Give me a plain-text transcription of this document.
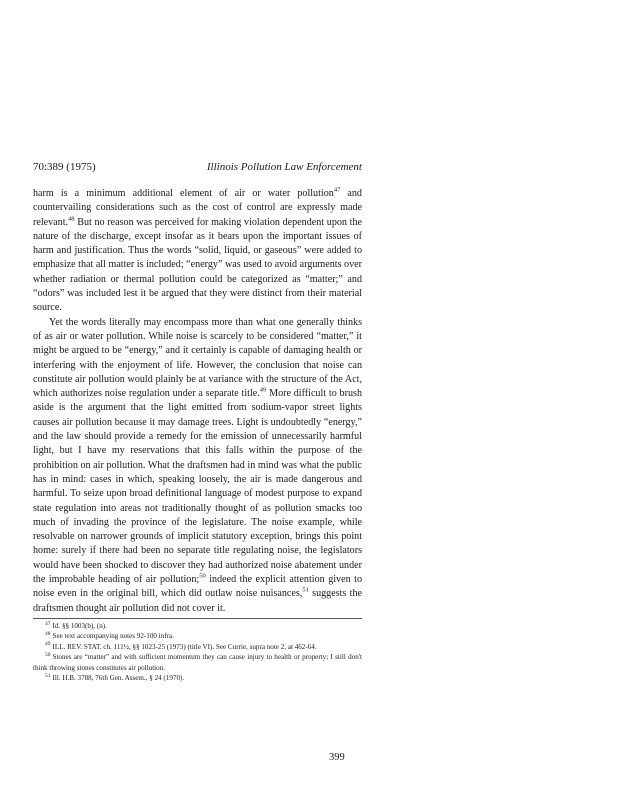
70:389 (1975)	Illinois Pollution Law Enforcement

harm is a minimum additional element of air or water pollution$^{47}$ and countervailing considerations such as the cost of control are expressly made relevant.$^{48}$ But no reason was perceived for making violation dependent upon the nature of the discharge, except insofar as it bears upon the important issues of harm and justification. Thus the words “solid, liquid, or gaseous” were added to emphasize that all matter is included; “energy” was used to avoid arguments over whether radiation or thermal pollution could be categorized as “matter;” and “odors” was included lest it be argued that they were distinct from their material source.

Yet the words literally may encompass more than what one generally thinks of as air or water pollution. While noise is scarcely to be considered “matter,” it might be argued to be “energy,” and it certainly is capable of damaging health or interfering with the enjoyment of life. However, the conclusion that noise can constitute air pollution would plainly be at variance with the structure of the Act, which authorizes noise regulation under a separate title.$^{49}$ More difficult to brush aside is the argument that the light emitted from sodium-vapor street lights causes air pollution because it may damage trees. Light is undoubtedly “energy,” and the law should provide a remedy for the emission of unnecessarily harmful light, but I have my reservations that this falls within the purpose of the prohibition on air pollution. What the draftsmen had in mind was what the public has in mind: cases in which, speaking loosely, the air is made dangerous and harmful. To seize upon broad definitional language of modest purpose to expand state regulation into areas not traditionally thought of as pollution smacks too much of invading the province of the legislature. The noise example, while resolvable on narrower grounds of implicit statutory exception, brings this point home: surely if there had been no separate title regulating noise, the legislators would have been shocked to discover they had authorized noise abatement under the improbable heading of air pollution;$^{50}$ indeed the explicit attention given to noise even in the original bill, which did outlaw noise nuisances,$^{51}$ suggests the draftsmen thought air pollution did not cover it.

$^{47}$ Id. §§ 1003(b), (n).

$^{48}$ See text accompanying notes 92-100 infra.

$^{49}$ ILL. REV. STAT. ch. 111½, §§ 1023-25 (1973) (title VI). See Currie, supra note 2, at 462-64.

$^{50}$ Stones are “matter” and with sufficient momentum they can cause injury to health or property; I still don't think throwing stones constitutes air pollution.

$^{51}$ Ill. H.B. 3788, 76th Gen. Assem., § 24 (1970).

399
